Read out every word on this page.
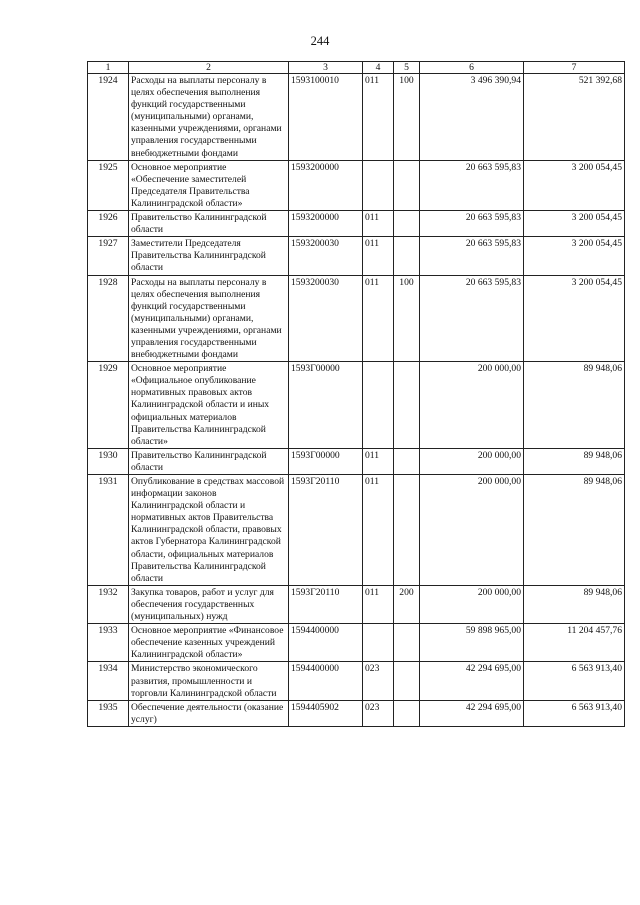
244
1	2	3	4	5	6	7
1924	Расходы на выплаты персоналу в целях обеспечения выполнения функций государственными (муниципальными) органами, казенными учреждениями, органами управления государственными внебюджетными фондами	1593100010	011	100	3 496 390,94	521 392,68
1925	Основное мероприятие «Обеспечение заместителей Председателя Правительства Калининградской области»	1593200000			20 663 595,83	3 200 054,45
1926	Правительство Калининградской области	1593200000	011		20 663 595,83	3 200 054,45
1927	Заместители Председателя Правительства Калининградской области	1593200030	011		20 663 595,83	3 200 054,45
1928	Расходы на выплаты персоналу в целях обеспечения выполнения функций государственными (муниципальными) органами, казенными учреждениями, органами управления государственными внебюджетными фондами	1593200030	011	100	20 663 595,83	3 200 054,45
1929	Основное мероприятие «Официальное опубликование нормативных правовых актов Калининградской области и иных официальных материалов Правительства Калининградской области»	1593Г00000			200 000,00	89 948,06
1930	Правительство Калининградской области	1593Г00000	011		200 000,00	89 948,06
1931	Опубликование в средствах массовой информации законов Калининградской области и нормативных актов Правительства Калининградской области, правовых актов Губернатора Калининградской области, официальных материалов Правительства Калининградской области	1593Г20110	011		200 000,00	89 948,06
1932	Закупка товаров, работ и услуг для обеспечения государственных (муниципальных) нужд	1593Г20110	011	200	200 000,00	89 948,06
1933	Основное мероприятие «Финансовое обеспечение казенных учреждений Калининградской области»	1594400000			59 898 965,00	11 204 457,76
1934	Министерство экономического развития, промышленности и торговли Калининградской области	1594400000	023		42 294 695,00	6 563 913,40
1935	Обеспечение деятельности (оказание услуг)	1594405902	023		42 294 695,00	6 563 913,40
